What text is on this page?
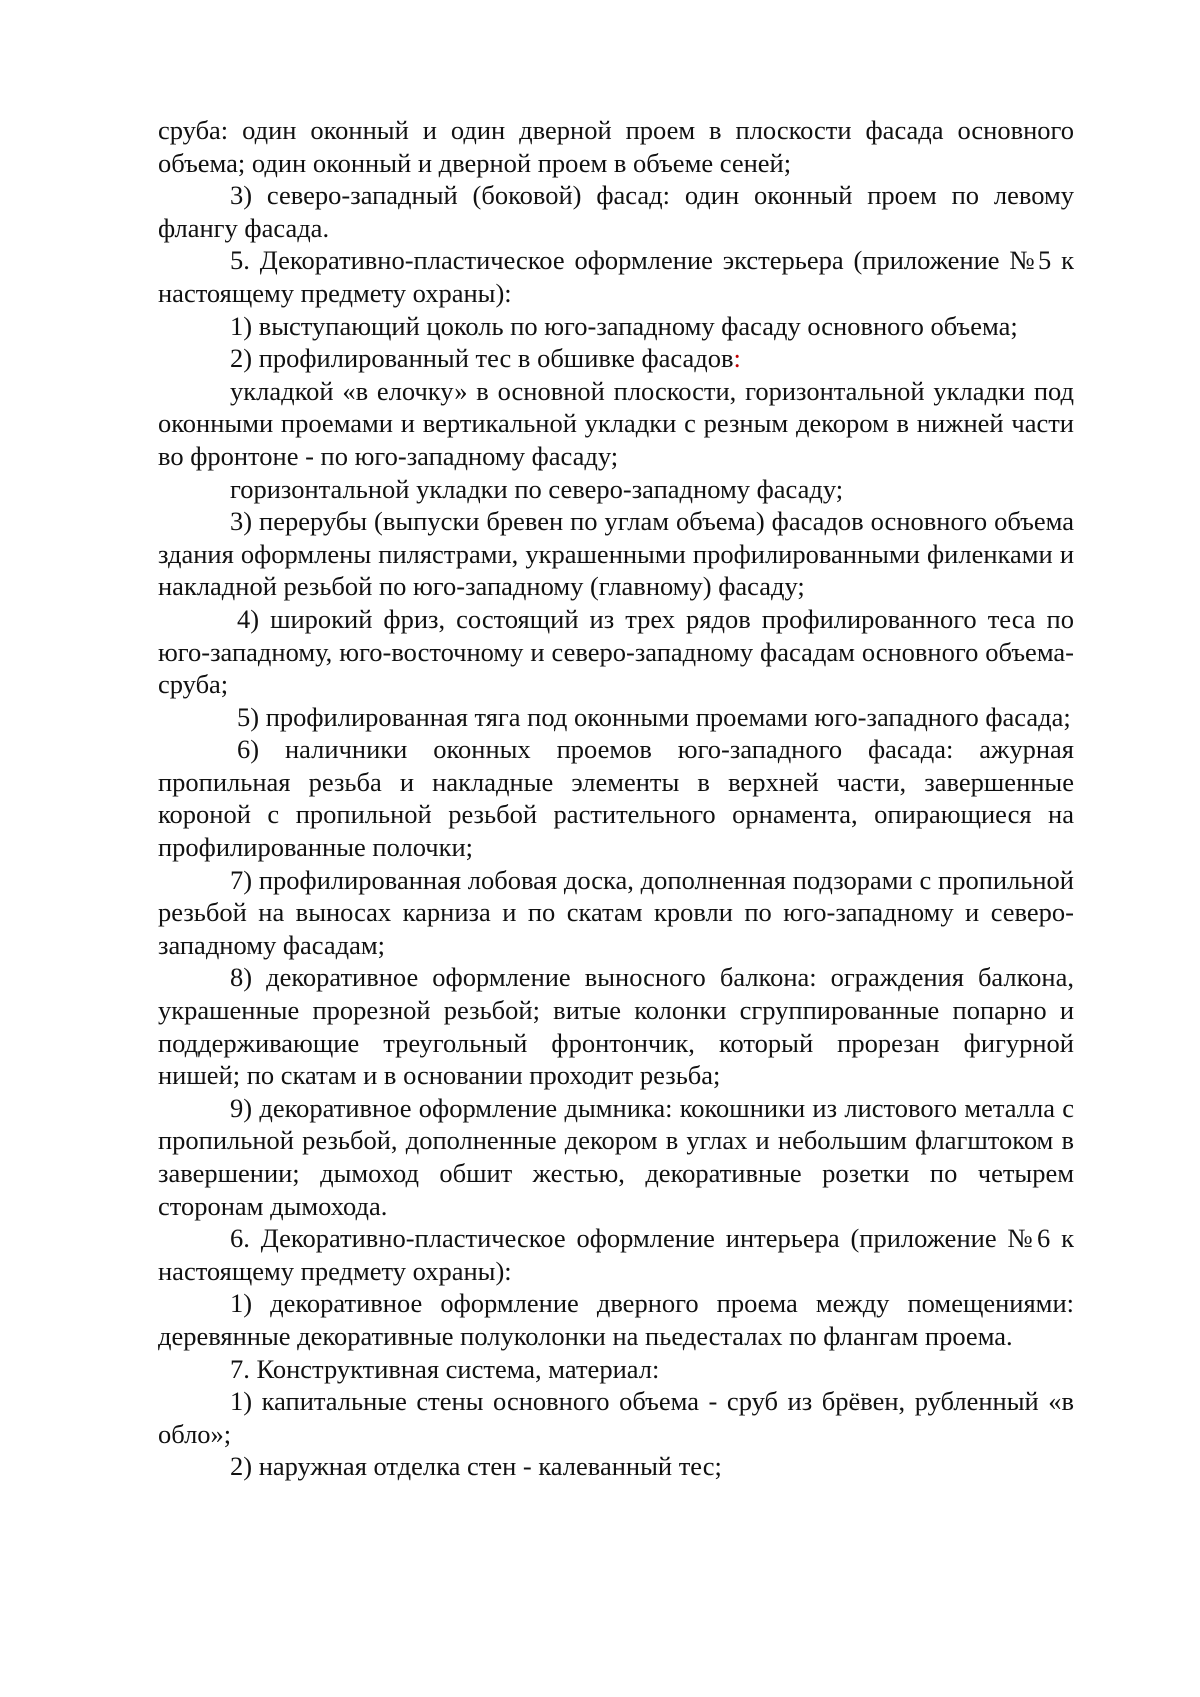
сруба: один оконный и один дверной проем в плоскости фасада основного объема; один оконный и дверной проем в объеме сеней;

3) северо-западный (боковой) фасад: один оконный проем по левому флангу фасада.

5. Декоративно-пластическое оформление экстерьера (приложение №5 к настоящему предмету охраны):

1) выступающий цоколь по юго-западному фасаду основного объема;

2) профилированный тес в обшивке фасадов:

укладкой «в елочку» в основной плоскости, горизонтальной укладки под оконными проемами и вертикальной укладки с резным декором в нижней части во фронтоне - по юго-западному фасаду;

горизонтальной укладки по северо-западному фасаду;

3) перерубы (выпуски бревен по углам объема) фасадов основного объема здания оформлены пилястрами, украшенными профилированными филенками и накладной резьбой по юго-западному (главному) фасаду;

4) широкий фриз, состоящий из трех рядов профилированного теса по юго-западному, юго-восточному и северо-западному фасадам основного объема-сруба;

5) профилированная тяга под оконными проемами юго-западного фасада;

6) наличники оконных проемов юго-западного фасада: ажурная пропильная резьба и накладные элементы в верхней части, завершенные короной с пропильной резьбой растительного орнамента, опирающиеся на профилированные полочки;

7) профилированная лобовая доска, дополненная подзорами с пропильной резьбой на выносах карниза и по скатам кровли по юго-западному и северо-западному фасадам;

8) декоративное оформление выносного балкона: ограждения балкона, украшенные прорезной резьбой; витые колонки сгруппированные попарно и поддерживающие треугольный фронтончик, который прорезан фигурной нишей; по скатам и в основании проходит резьба;

9) декоративное оформление дымника: кокошники из листового металла с пропильной резьбой, дополненные декором в углах и небольшим флагштоком в завершении; дымоход обшит жестью, декоративные розетки по четырем сторонам дымохода.

6. Декоративно-пластическое оформление интерьера (приложение №6 к настоящему предмету охраны):

1) декоративное оформление дверного проема между помещениями: деревянные декоративные полуколонки на пьедесталах по флангам проема.

7. Конструктивная система, материал:

1) капитальные стены основного объема - сруб из брёвен, рубленный «в обло»;

2) наружная отделка стен - калеванный тес;
